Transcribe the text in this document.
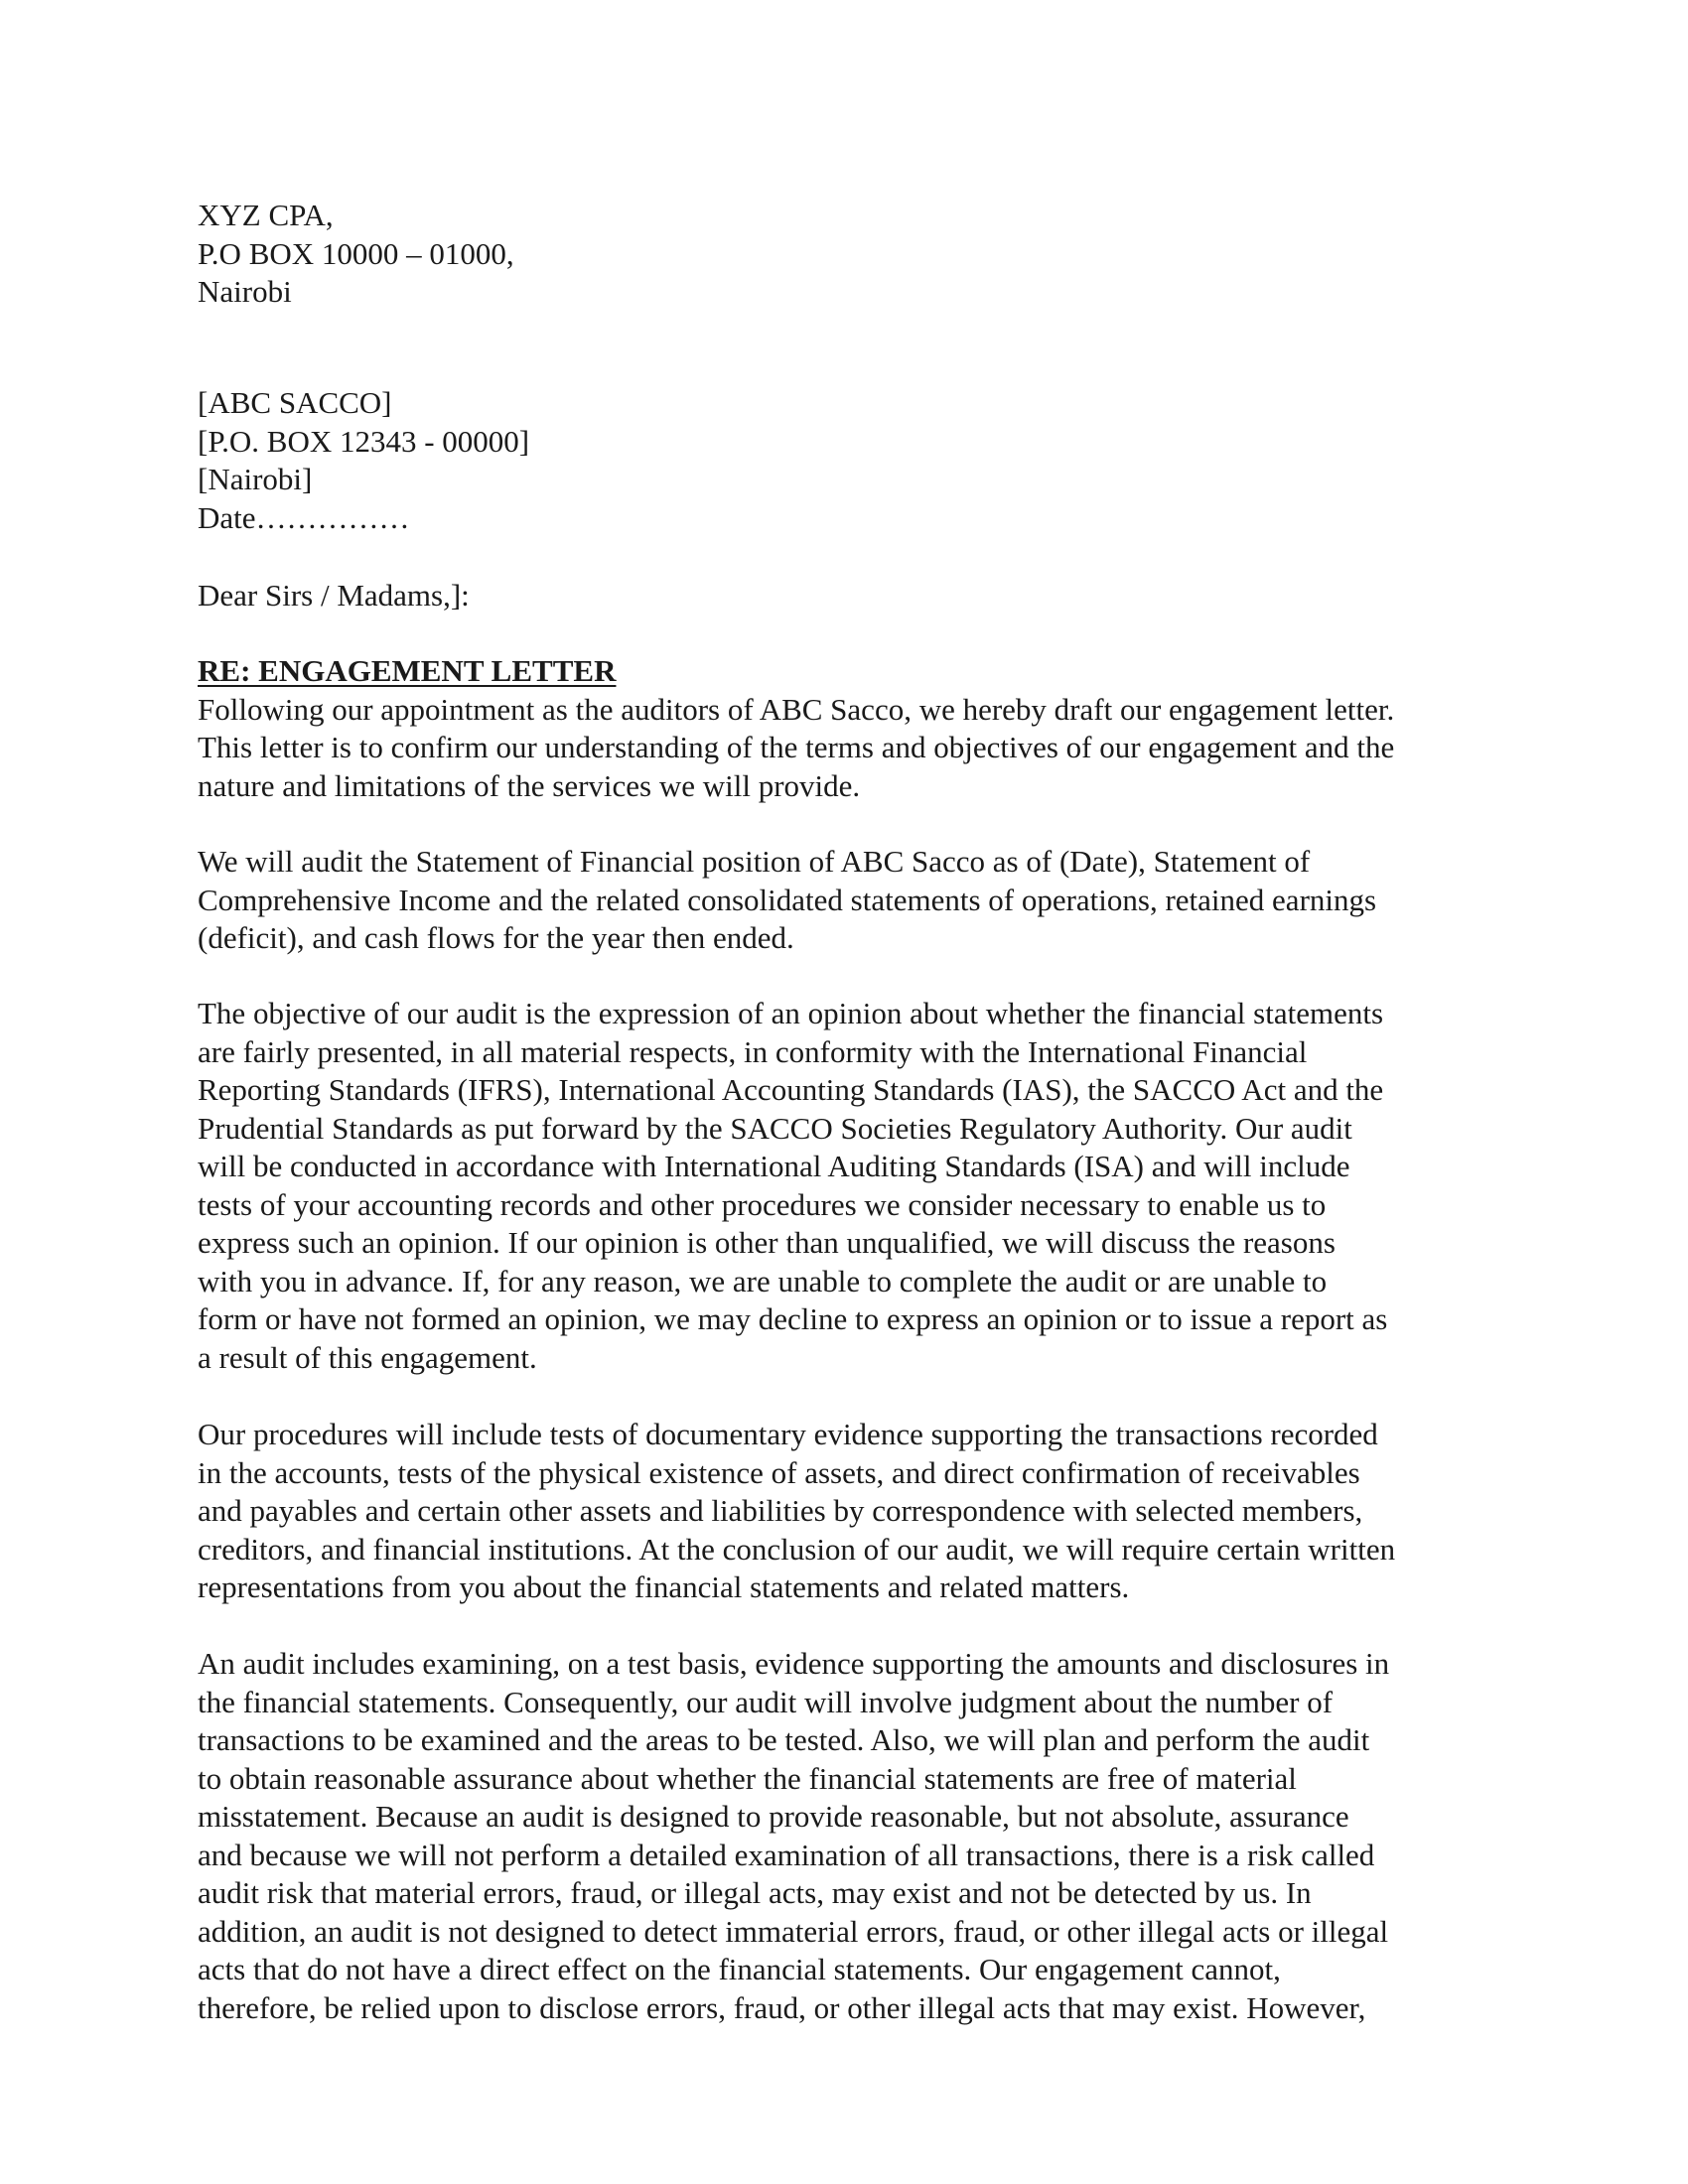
XYZ CPA,
P.O BOX 10000 – 01000,
Nairobi
[ABC SACCO]
[P.O. BOX 12343 - 00000]
[Nairobi]
Date……………
Dear Sirs / Madams,]:
RE: ENGAGEMENT LETTER
Following our appointment as the auditors of ABC Sacco, we hereby draft our engagement letter.
This letter is to confirm our understanding of the terms and objectives of our engagement and the
nature and limitations of the services we will provide.
We will audit the Statement of Financial position of ABC Sacco as of (Date), Statement of
Comprehensive Income and the related consolidated statements of operations, retained earnings
(deficit), and cash flows for the year then ended.
The objective of our audit is the expression of an opinion about whether the financial statements
are fairly presented, in all material respects, in conformity with the International Financial
Reporting Standards (IFRS), International Accounting Standards (IAS), the SACCO Act and the
Prudential Standards as put forward by the SACCO Societies Regulatory Authority. Our audit
will be conducted in accordance with International Auditing Standards (ISA) and will include
tests of your accounting records and other procedures we consider necessary to enable us to
express such an opinion. If our opinion is other than unqualified, we will discuss the reasons
with you in advance. If, for any reason, we are unable to complete the audit or are unable to
form or have not formed an opinion, we may decline to express an opinion or to issue a report as
a result of this engagement.
Our procedures will include tests of documentary evidence supporting the transactions recorded
in the accounts, tests of the physical existence of assets, and direct confirmation of receivables
and payables and certain other assets and liabilities by correspondence with selected members,
creditors, and financial institutions. At the conclusion of our audit, we will require certain written
representations from you about the financial statements and related matters.
An audit includes examining, on a test basis, evidence supporting the amounts and disclosures in
the financial statements. Consequently, our audit will involve judgment about the number of
transactions to be examined and the areas to be tested. Also, we will plan and perform the audit
to obtain reasonable assurance about whether the financial statements are free of material
misstatement. Because an audit is designed to provide reasonable, but not absolute, assurance
and because we will not perform a detailed examination of all transactions, there is a risk called
audit risk that material errors, fraud, or illegal acts, may exist and not be detected by us. In
addition, an audit is not designed to detect immaterial errors, fraud, or other illegal acts or illegal
acts that do not have a direct effect on the financial statements. Our engagement cannot,
therefore, be relied upon to disclose errors, fraud, or other illegal acts that may exist. However,
